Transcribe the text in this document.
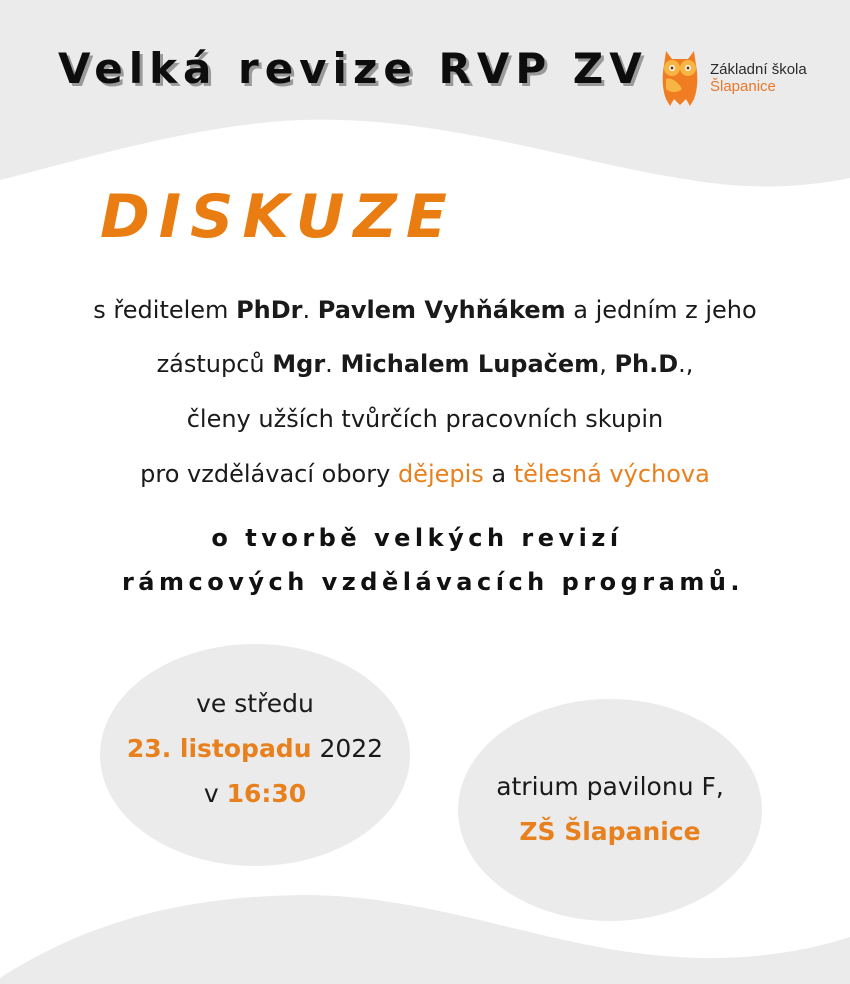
Velká revize RVP ZV	Základní škola
Šlapanice
DISKUZE
s ředitelem PhDr. Pavlem Vyhňákem a jedním z jeho
zástupců Mgr. Michalem Lupačem, Ph.D.,
členy užších tvůrčích pracovních skupin
pro vzdělávací obory dějepis a tělesná výchova
o tvorbě velkých revizí
rámcových vzdělávacích programů.
ve středu
23. listopadu 2022
v 16:30	atrium pavilonu F,
ZŠ Šlapanice
